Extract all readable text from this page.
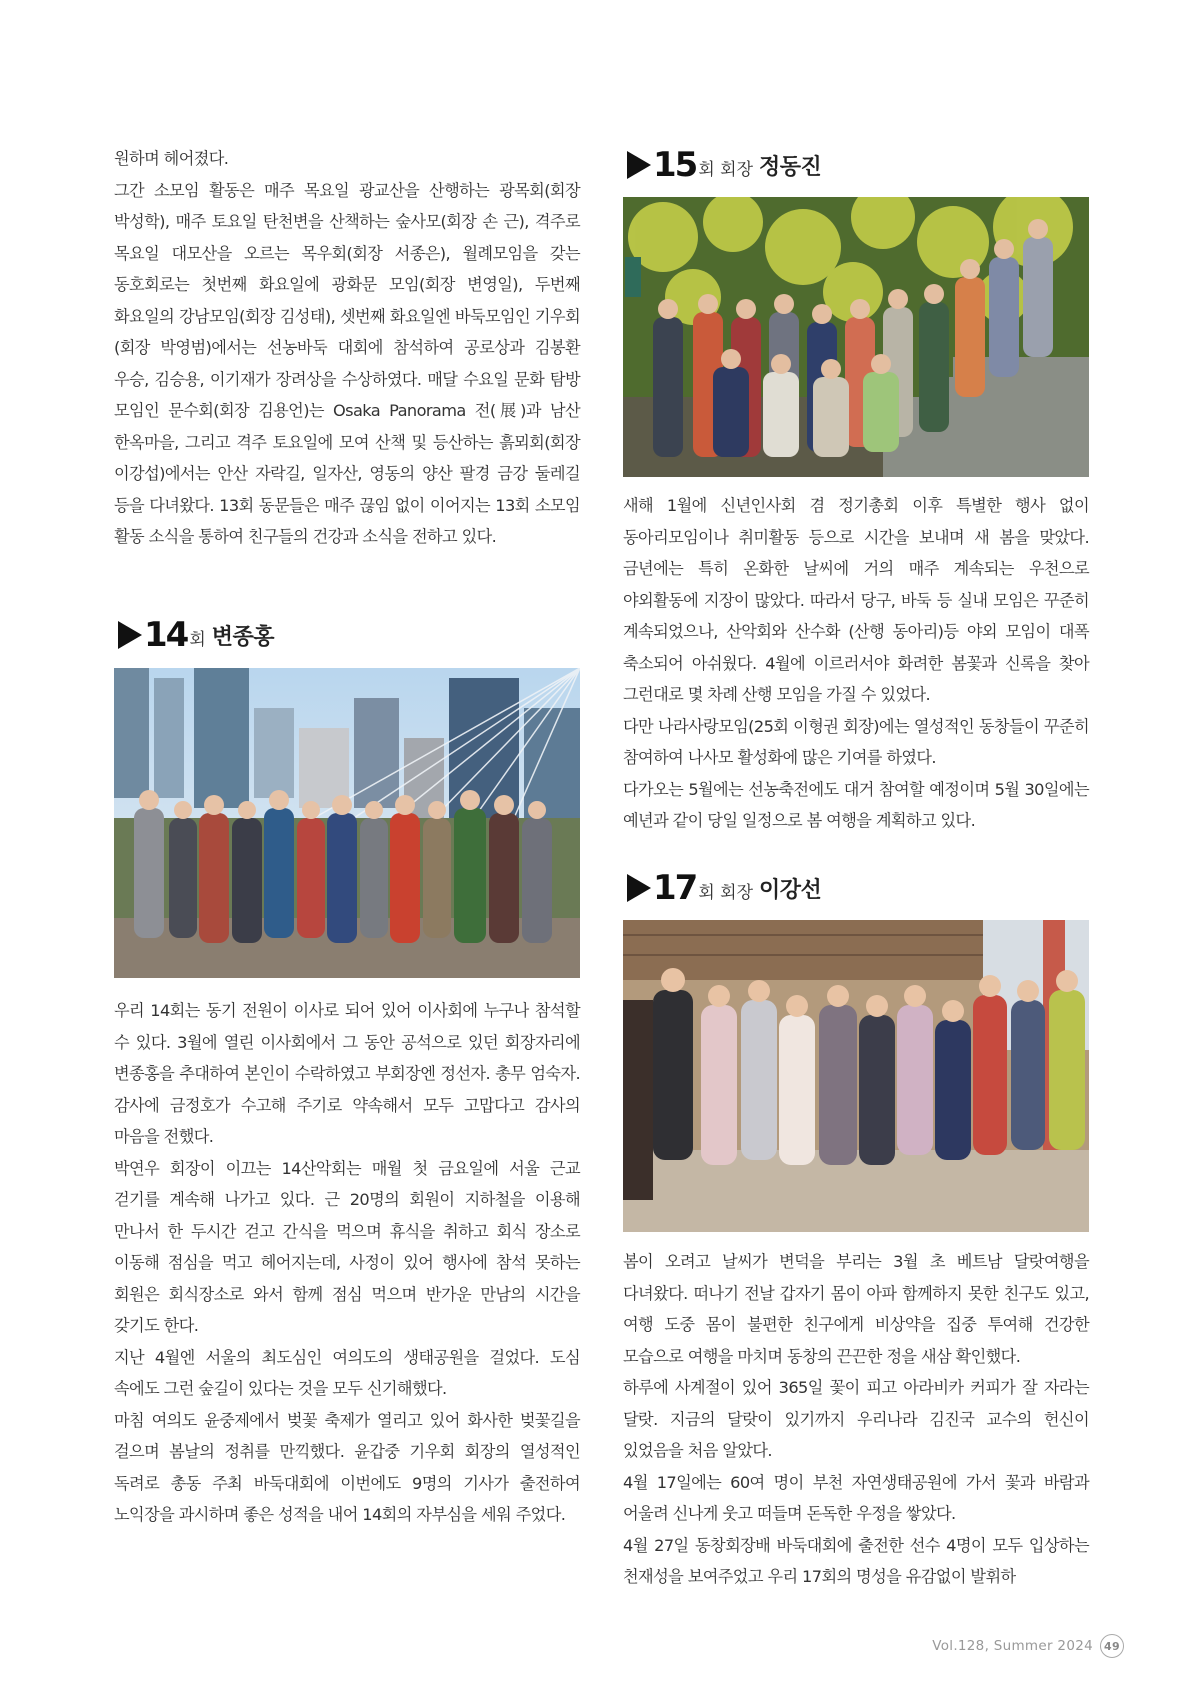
원하며 헤어졌다.

그간 소모임 활동은 매주 목요일 광교산을 산행하는 광목회(회장 박성학), 매주 토요일 탄천변을 산책하는 숲사모(회장 손 근), 격주로 목요일 대모산을 오르는 목우회(회장 서종은), 월례모임을 갖는 동호회로는 첫번째 화요일에 광화문 모임(회장 변영일), 두번째 화요일의 강남모임(회장 김성태), 셋번째 화요일엔 바둑모임인 기우회(회장 박영범)에서는 선농바둑 대회에 참석하여 공로상과 김봉환 우승, 김승용, 이기재가 장려상을 수상하였다. 매달 수요일 문화 탐방 모임인 문수회(회장 김용언)는 Osaka Panorama 전(展)과 남산 한옥마을, 그리고 격주 토요일에 모여 산책 및 등산하는 흙뫼회(회장 이강섭)에서는 안산 자락길, 일자산, 영동의 양산 팔경 금강 둘레길 등을 다녀왔다. 13회 동문들은 매주 끊임 없이 이어지는 13회 소모임 활동 소식을 통하여 친구들의 건강과 소식을 전하고 있다.

14 회 변종홍

우리 14회는 동기 전원이 이사로 되어 있어 이사회에 누구나 참석할 수 있다. 3월에 열린 이사회에서 그 동안 공석으로 있던 회장자리에 변종홍을 추대하여 본인이 수락하였고 부회장엔 정선자. 총무 엄숙자. 감사에 금정호가 수고해 주기로 약속해서 모두 고맙다고 감사의 마음을 전했다.

박연우 회장이 이끄는 14산악회는 매월 첫 금요일에 서울 근교 걷기를 계속해 나가고 있다. 근 20명의 회원이 지하철을 이용해 만나서 한 두시간 걷고 간식을 먹으며 휴식을 취하고 회식 장소로 이동해 점심을 먹고 헤어지는데, 사정이 있어 행사에 참석 못하는 회원은 회식장소로 와서 함께 점심 먹으며 반가운 만남의 시간을 갖기도 한다.

지난 4월엔 서울의 최도심인 여의도의 생태공원을 걸었다. 도심 속에도 그런 숲길이 있다는 것을 모두 신기해했다.

마침 여의도 윤중제에서 벚꽃 축제가 열리고 있어 화사한 벚꽃길을 걸으며 봄날의 정취를 만끽했다. 윤갑중 기우회 회장의 열성적인 독려로 총동 주최 바둑대회에 이번에도 9명의 기사가 출전하여 노익장을 과시하며 좋은 성적을 내어 14회의 자부심을 세워 주었다.

15 회 회장 정동진

새해 1월에 신년인사회 겸 정기총회 이후 특별한 행사 없이 동아리모임이나 취미활동 등으로 시간을 보내며 새 봄을 맞았다. 금년에는 특히 온화한 날씨에 거의 매주 계속되는 우천으로 야외활동에 지장이 많았다. 따라서 당구, 바둑 등 실내 모임은 꾸준히 계속되었으나, 산악회와 산수화 (산행 동아리)등 야외 모임이 대폭 축소되어 아쉬웠다. 4월에 이르러서야 화려한 봄꽃과 신록을 찾아 그런대로 몇 차례 산행 모임을 가질 수 있었다.

다만 나라사랑모임(25회 이형권 회장)에는 열성적인 동창들이 꾸준히 참여하여 나사모 활성화에 많은 기여를 하였다.

다가오는 5월에는 선농축전에도 대거 참여할 예정이며 5월 30일에는 예년과 같이 당일 일정으로 봄 여행을 계획하고 있다.

17 회 회장 이강선

봄이 오려고 날씨가 변덕을 부리는 3월 초 베트남 달랏여행을 다녀왔다. 떠나기 전날 갑자기 몸이 아파 함께하지 못한 친구도 있고, 여행 도중 몸이 불편한 친구에게 비상약을 집중 투여해 건강한 모습으로 여행을 마치며 동창의 끈끈한 정을 새삼 확인했다.

하루에 사계절이 있어 365일 꽃이 피고 아라비카 커피가 잘 자라는 달랏. 지금의 달랏이 있기까지 우리나라 김진국 교수의 헌신이 있었음을 처음 알았다.

4월 17일에는 60여 명이 부천 자연생태공원에 가서 꽃과 바람과 어울려 신나게 웃고 떠들며 돈독한 우정을 쌓았다.

4월 27일 동창회장배 바둑대회에 출전한 선수 4명이 모두 입상하는 천재성을 보여주었고 우리 17회의 명성을 유감없이 발휘하

Vol.128, Summer 2024	49
